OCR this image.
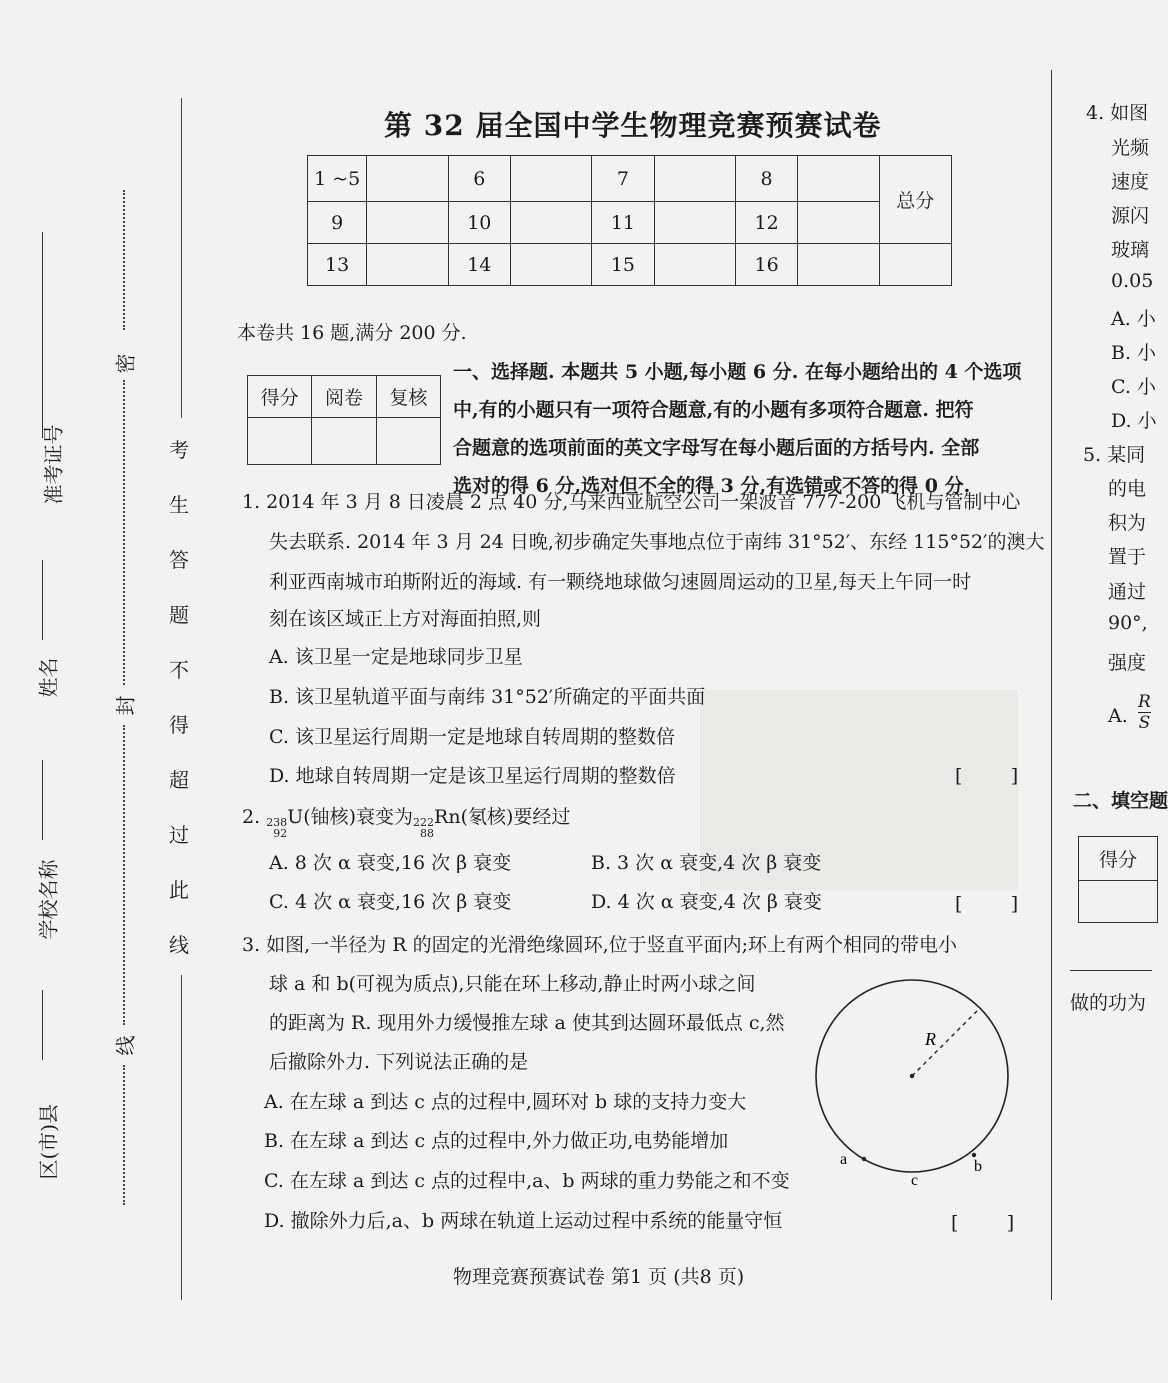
准考证号
姓名
学校名称
区(市)县
密
封
线
考
生
答
题
不
得
超
过
此
线
第 32 届全国中学生物理竞赛预赛试卷
1 ~5		6		7		8		总分
9		10		11		12		
13		14		15		16		
本卷共 16 题,满分 200 分.
得分	阅卷	复核

一、选择题. 本题共 5 小题,每小题 6 分. 在每小题给出的 4 个选项
中,有的小题只有一项符合题意,有的小题有多项符合题意. 把符
合题意的选项前面的英文字母写在每小题后面的方括号内. 全部
选对的得 6 分,选对但不全的得 3 分,有选错或不答的得 0 分.
1. 2014 年 3 月 8 日凌晨 2 点 40 分,马来西亚航空公司一架波音 777-200 飞机与管制中心
失去联系. 2014 年 3 月 24 日晚,初步确定失事地点位于南纬 31°52′、东经 115°52′的澳大
利亚西南城市珀斯附近的海域. 有一颗绕地球做匀速圆周运动的卫星,每天上午同一时
刻在该区域正上方对海面拍照,则
A. 该卫星一定是地球同步卫星
B. 该卫星轨道平面与南纬 31°52′所确定的平面共面
C. 该卫星运行周期一定是地球自转周期的整数倍
D. 地球自转周期一定是该卫星运行周期的整数倍	[        ]
2. 238
92
U(铀核)衰变为 222
88
Rn(氡核)要经过
A. 8 次 α 衰变,16 次 β 衰变	B. 3 次 α 衰变,4 次 β 衰变
C. 4 次 α 衰变,16 次 β 衰变	D. 4 次 α 衰变,4 次 β 衰变	[        ]
3. 如图,一半径为 R 的固定的光滑绝缘圆环,位于竖直平面内;环上有两个相同的带电小
球 a 和 b(可视为质点),只能在环上移动,静止时两小球之间
的距离为 R. 现用外力缓慢推左球 a 使其到达圆环最低点 c,然
后撤除外力. 下列说法正确的是
A. 在左球 a 到达 c 点的过程中,圆环对 b 球的支持力变大
B. 在左球 a 到达 c 点的过程中,外力做正功,电势能增加
C. 在左球 a 到达 c 点的过程中,a、b 两球的重力势能之和不变
D. 撤除外力后,a、b 两球在轨道上运动过程中系统的能量守恒	[        ]
R
a	b
c
物理竞赛预赛试卷 第1 页 (共8 页)
4. 如图
光频
速度
源闪
玻璃
0.05
A. 小
B. 小
C. 小
D. 小
5. 某同
的电
积为
置于
通过
90°,
强度
A. $\frac{R}{S}$
二、填空题
得分

做的功为
